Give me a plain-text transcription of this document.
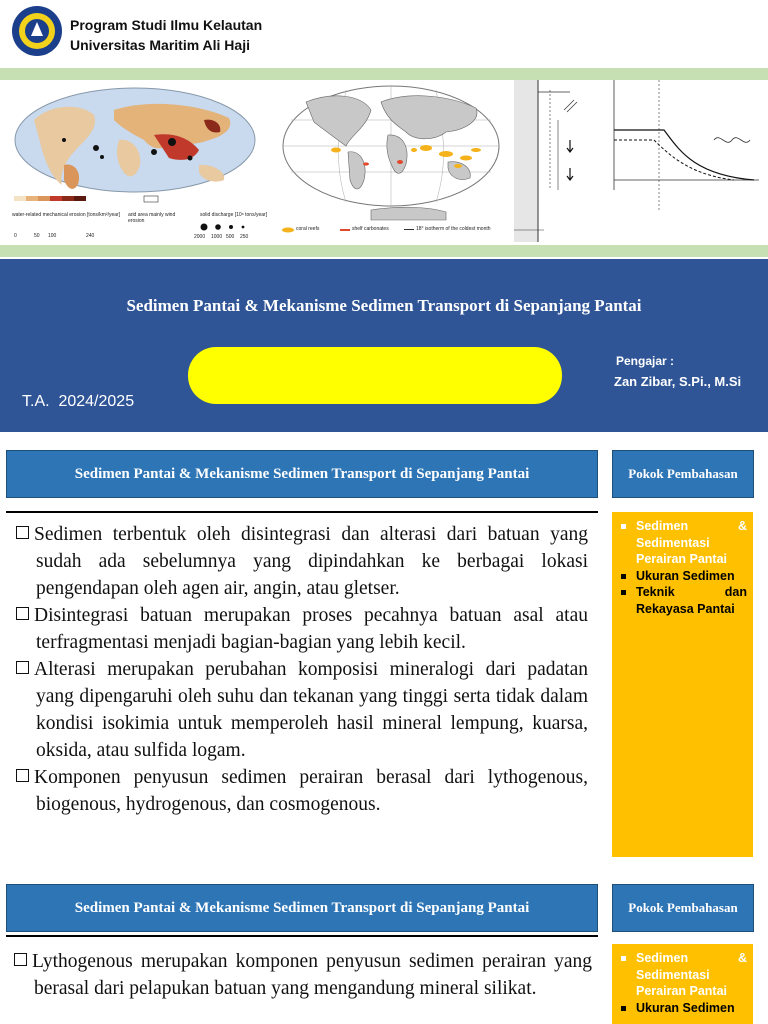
Program Studi Ilmu Kelautan
Universitas Maritim Ali Haji
water-related mechanical erosion [tons/km²/year]	arid area mainly wind erosion
solid discharge [10⁶ tons/year]
0	50 100	240	2000 1000 500 250
coral reefs	shelf carbonates	18° isotherm of the coldest month
Sedimen Pantai & Mekanisme Sedimen Transport di Sepanjang Pantai
T.A.  2024/2025
Pengajar :
Zan Zibar, S.Pi., M.Si
Sedimen Pantai & Mekanisme Sedimen Transport di Sepanjang Pantai	Pokok Pembahasan

Sedimen terbentuk oleh disintegrasi dan alterasi dari batuan yang sudah ada sebelumnya yang dipindahkan ke berbagai lokasi pengendapan oleh agen air, angin, atau gletser.

Disintegrasi batuan merupakan proses pecahnya batuan asal atau terfragmentasi menjadi bagian-bagian yang lebih kecil.

Alterasi merupakan perubahan komposisi mineralogi dari padatan yang dipengaruhi oleh suhu dan tekanan yang tinggi serta tidak dalam kondisi isokimia untuk memperoleh hasil mineral lempung, kuarsa, oksida, atau sulfida logam.

Komponen penyusun sedimen perairan berasal dari lythogenous, biogenous, hydrogenous, dan cosmogenous.

Sedimen & Sedimentasi Perairan Pantai
Ukuran Sedimen
Teknik dan Rekayasa Pantai
Sedimen Pantai & Mekanisme Sedimen Transport di Sepanjang Pantai	Pokok Pembahasan

Lythogenous merupakan komponen penyusun sedimen perairan yang berasal dari pelapukan batuan yang mengandung mineral silikat.

Sedimen & Sedimentasi Perairan Pantai
Ukuran Sedimen
